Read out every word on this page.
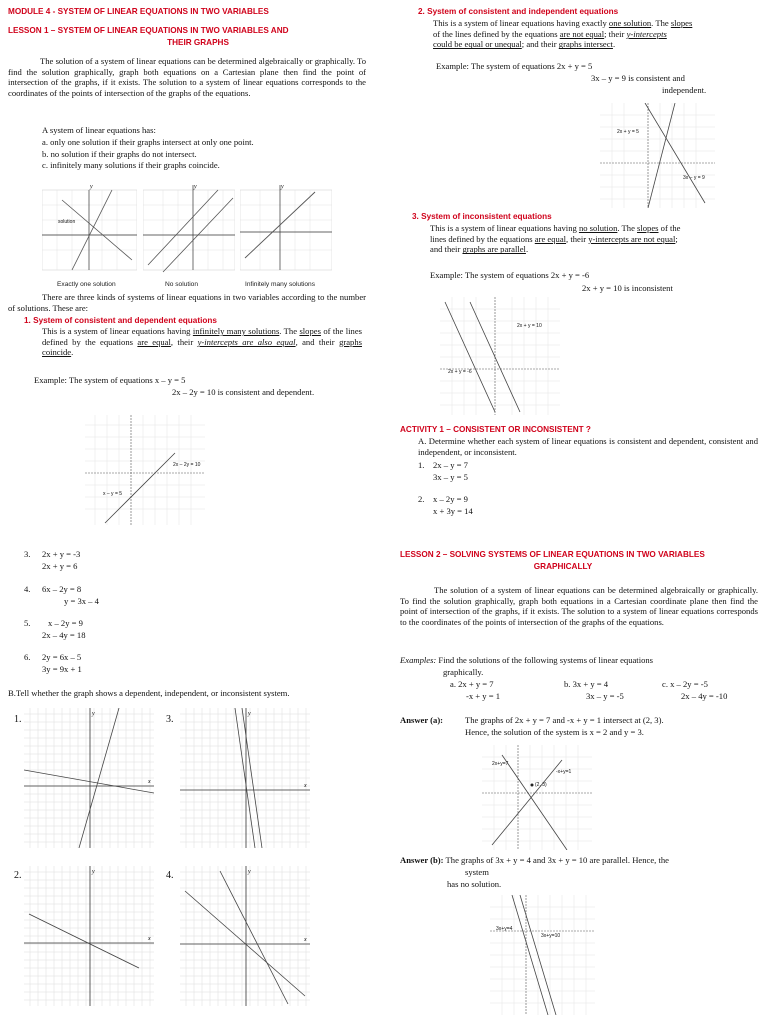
MODULE 4 - SYSTEM OF LINEAR EQUATIONS IN TWO VARIABLES
LESSON 1 – SYSTEM OF LINEAR EQUATIONS IN TWO VARIABLES AND
THEIR GRAPHS
The solution of a system of linear equations can be determined algebraically or graphically. To find the solution graphically, graph both equations on a Cartesian plane then find the point of intersection of the graphs, if it exists. The solution to a system of linear equations corresponds to the coordinates of the points of intersection of the graphs of the equations.
A system of linear equations has:
a. only one solution if their graphs intersect at only one point.
b. no solution if their graphs do not intersect.
c. infinitely many solutions if their graphs coincide.
y
solution
y	y
Exactly one solution	No solution	Infinitely many solutions
There are three kinds of systems of linear equations in two variables according to the number of solutions. These are:
1. System of consistent and dependent equations
This is a system of linear equations having infinitely many solutions. The slopes of the lines defined by the equations are equal, their y-intercepts are also equal, and their graphs coincide.
Example: The system of equations x – y = 5
2x – 2y = 10 is consistent and dependent.
2x – 2y = 10
x – y = 5
3. 2x + y = -3
2x + y = 6
4. 6x – 2y = 8
y = 3x – 4
5. x – 2y = 9
2x – 4y = 18
6. 2y = 6x – 5
3y = 9x + 1
B.Tell whether the graph shows a dependent, independent, or inconsistent system.
1.	y
x
3.	y
x
2.	y
x
4.	y
x
2. System of consistent and independent equations
This is a system of linear equations having exactly one solution. The slopes
of the lines defined by the equations are not equal; their y-intercepts
could be equal or unequal; and their graphs intersect.
Example: The system of equations 2x + y = 5
3x – y = 9 is consistent and
independent.
2x + y = 5
3x – y = 9
3. System of inconsistent equations
This is a system of linear equations having no solution. The slopes of the
lines defined by the equations are equal, their y-intercepts are not equal;
and their graphs are parallel.
Example: The system of equations 2x + y = -6
2x + y = 10 is inconsistent
2x + y = 10
2x + y = -6
ACTIVITY 1 – CONSISTENT OR INCONSISTENT ?
A. Determine whether each system of linear equations is consistent and dependent, consistent and independent, or inconsistent.
1. 2x – y = 7
3x – y = 5
2. x – 2y = 9
x + 3y = 14
LESSON 2 – SOLVING SYSTEMS OF LINEAR EQUATIONS IN TWO VARIABLES
GRAPHICALLY
The solution of a system of linear equations can be determined algebraically or graphically. To find the solution graphically, graph both equations in a Cartesian coordinate plane then find the point of intersection of the graphs, if it exists. The solution to a system of linear equations corresponds to the coordinates of the points of intersection of the graphs of the equations.
Examples: Find the solutions of the following systems of linear equations
graphically.
a. 2x + y = 7
-x + y = 1
b. 3x + y = 4
3x – y = -5
c. x – 2y = -5
2x – 4y = -10
Answer (a):	The graphs of 2x + y = 7 and -x + y = 1 intersect at (2, 3).
Hence, the solution of the system is x = 2 and y = 3.
2x+y=7
-x+y=1
(2, 3)
Answer (b): The graphs of 3x + y = 4 and 3x + y = 10 are parallel. Hence, the
system
has no solution.
3x+y=4
3x+y=10
